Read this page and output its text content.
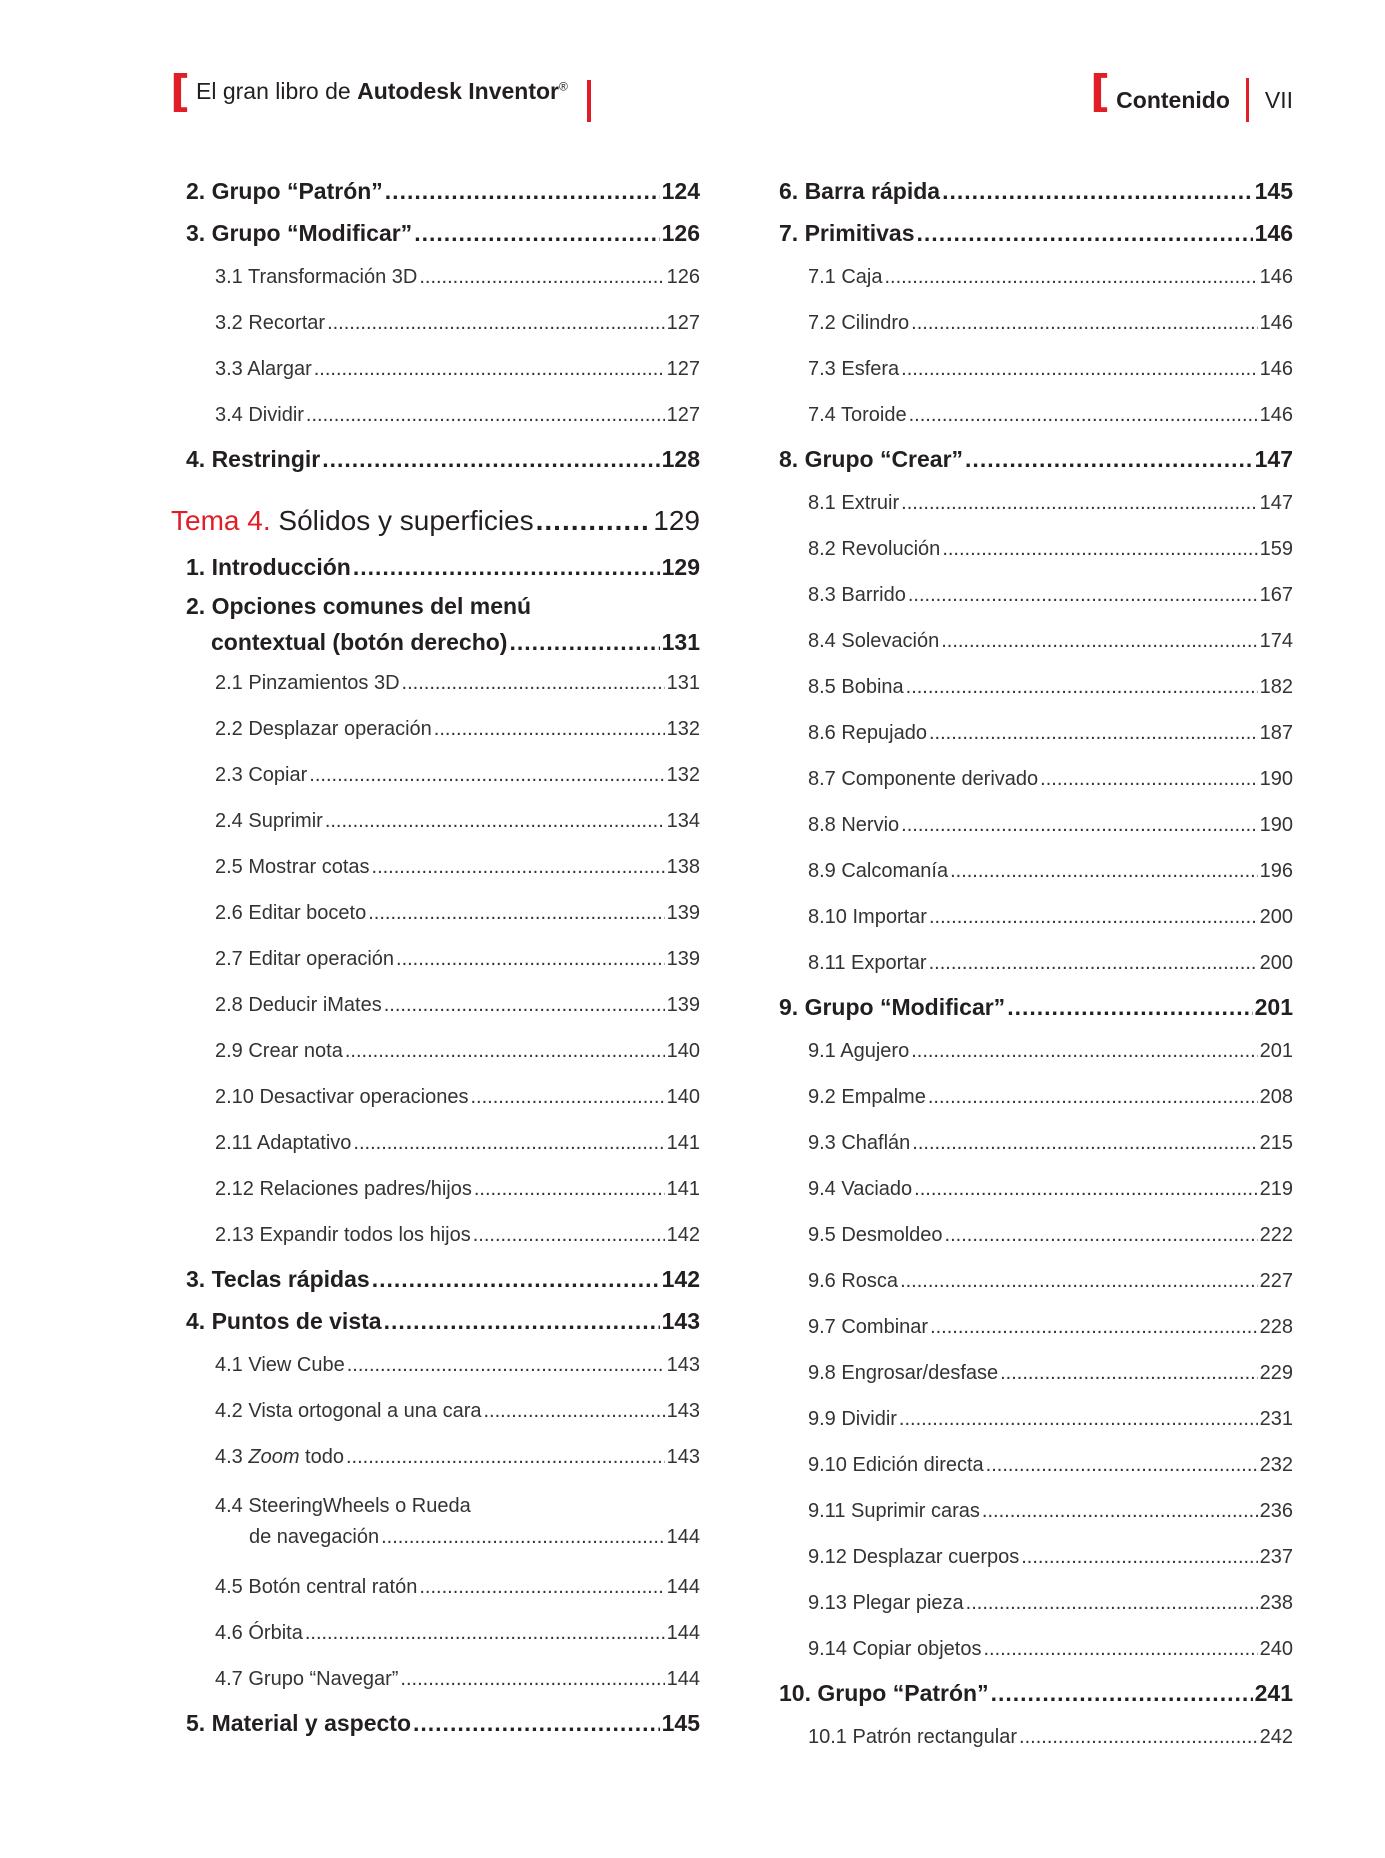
[ El gran libro de Autodesk Inventor®	[ Contenido VII
2. Grupo “Patrón” .....	124
3. Grupo “Modificar” .....	126
3.1 Transformación 3D .....	126
3.2 Recortar .....	127
3.3 Alargar .....	127
3.4 Dividir .....	127
4. Restringir .....	128
Tema 4. Sólidos y superficies .....	129
1. Introducción .....	129
2. Opciones comunes del menú
contextual (botón derecho) .....	131
2.1 Pinzamientos 3D .....	131
2.2 Desplazar operación .....	132
2.3 Copiar .....	132
2.4 Suprimir .....	134
2.5 Mostrar cotas .....	138
2.6 Editar boceto .....	139
2.7 Editar operación .....	139
2.8 Deducir iMates .....	139
2.9 Crear nota .....	140
2.10 Desactivar operaciones .....	140
2.11 Adaptativo .....	141
2.12 Relaciones padres/hijos .....	141
2.13 Expandir todos los hijos .....	142
3. Teclas rápidas .....	142
4. Puntos de vista .....	143
4.1 View Cube .....	143
4.2 Vista ortogonal a una cara .....	143
4.3 Zoom todo .....	143
4.4 SteeringWheels o Rueda
de navegación .....	144
4.5 Botón central ratón .....	144
4.6 Órbita .....	144
4.7 Grupo “Navegar” .....	144
5. Material y aspecto .....	145
6. Barra rápida .....	145
7. Primitivas .....	146
7.1 Caja .....	146
7.2 Cilindro .....	146
7.3 Esfera .....	146
7.4 Toroide .....	146
8. Grupo “Crear” .....	147
8.1 Extruir .....	147
8.2 Revolución .....	159
8.3 Barrido .....	167
8.4 Solevación .....	174
8.5 Bobina .....	182
8.6 Repujado .....	187
8.7 Componente derivado .....	190
8.8 Nervio .....	190
8.9 Calcomanía .....	196
8.10 Importar .....	200
8.11 Exportar .....	200
9. Grupo “Modificar” .....	201
9.1 Agujero .....	201
9.2 Empalme .....	208
9.3 Chaflán .....	215
9.4 Vaciado .....	219
9.5 Desmoldeo .....	222
9.6 Rosca .....	227
9.7 Combinar .....	228
9.8 Engrosar/desfase .....	229
9.9 Dividir .....	231
9.10 Edición directa .....	232
9.11 Suprimir caras .....	236
9.12 Desplazar cuerpos .....	237
9.13 Plegar pieza .....	238
9.14 Copiar objetos .....	240
10. Grupo “Patrón” .....	241
10.1 Patrón rectangular .....	242
